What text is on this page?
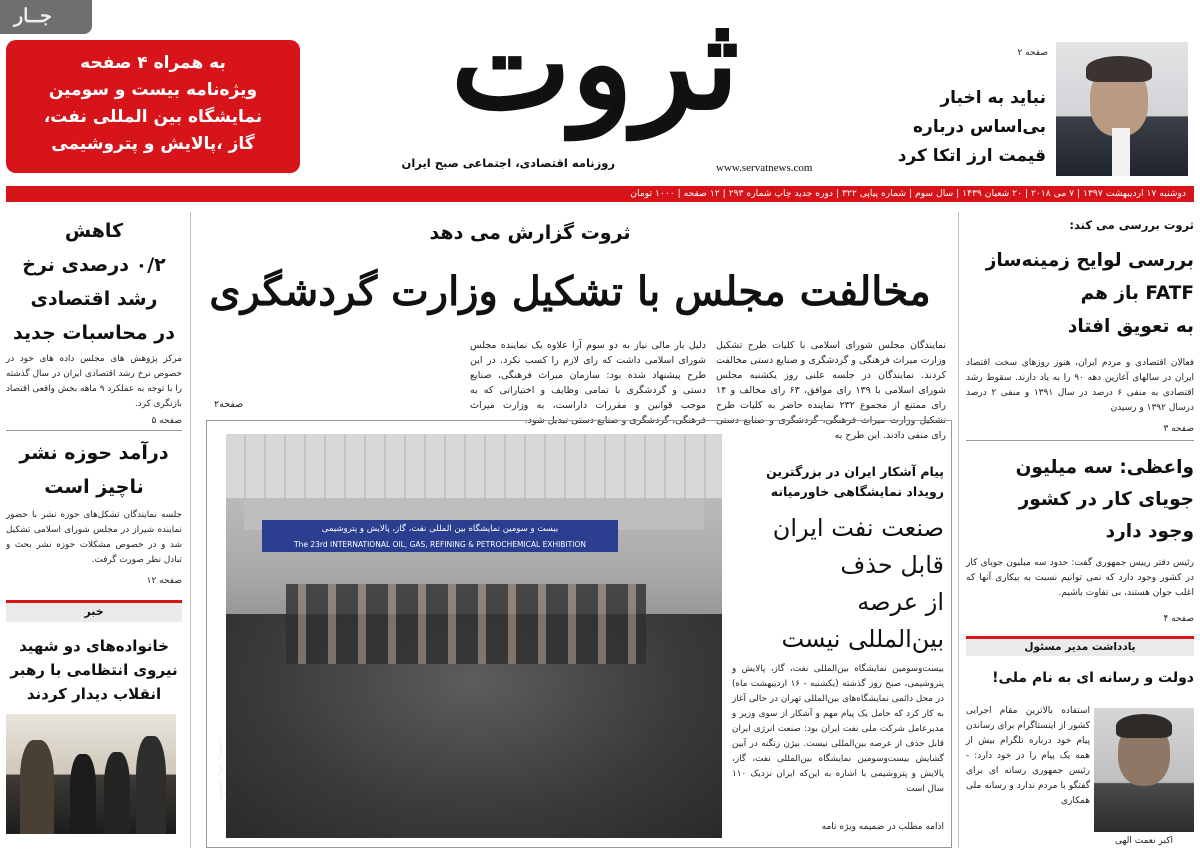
جــار
به همراه ۴ صفحه
ویژه‌نامه بیست و سومین
نمایشگاه بین المللی نفت،
گاز ،پالایش و پتروشیمی
ثروت
www.servatnews.com
روزنامه اقتصادی، اجتماعی صبح ایران
صفحه ۲
نباید به اخبار
بی‌اساس درباره
قیمت ارز اتکا کرد
دوشنبه ۱۷ اردیبهشت ۱۳۹۷ | ۷ می ۲۰۱۸ | ۲۰ شعبان ۱۴۳۹ | سال سوم | شماره پیاپی ۳۲۲ | دوره جدید چاپ شماره ۲۹۳ | ۱۲ صفحه | ۱۰۰۰ تومان
ثروت گزارش می دهد
مخالفت مجلس با تشکیل وزارت گردشگری
نمایندگان مجلس شورای اسلامی با کلیات طرح تشکیل وزارت میراث فرهنگی و گردشگری و صنایع دستی مخالفت کردند. نمایندگان در جلسه علنی روز یکشنبه مجلس شورای اسلامی با ۱۳۹ رای موافق، ۶۳ رای مخالف و ۱۴ رای ممتنع از مجموع ۲۳۲ نماینده حاضر به کلیات طرح تشکیل وزارت میراث فرهنگی، گردشگری و صنایع دستی رای منفی دادند. این طرح به
دلیل بار مالی نیاز به دو سوم آرا علاوه یک نماینده مجلس شورای اسلامی داشت که رای لازم را کسب نکرد. در این طرح پیشنهاد شده بود: سازمان میراث فرهنگی، صنایع دستی و گردشگری با تمامی وظایف و اختیاراتی که به موجب قوانین و مقررات داراست، به وزارت میراث فرهنگی، گردشگری و صنایع دستی تبدیل شود.
صفحه۲
بیست و سومین نمایشگاه بین المللی نفت، گاز، پالایش و پتروشیمی
The 23rd INTERNATIONAL OIL, GAS, REFINING & PETROCHEMICAL EXHIBITION
عکس: رضا رستمی
پیام آشکار ایران در بزرگترین
رویداد نمایشگاهی خاورمیانه
صنعت نفت ایران
قابل حذف
از عرصه
بین‌المللی نیست
بیست‌وسومین نمایشگاه بین‌المللی نفت، گاز، پالایش و پتروشیمی، صبح روز گذشته (یکشنبه - ۱۶ اردیبهشت ماه) در محل دائمی نمایشگاه‌های بین‌المللی تهران در حالی آغاز به کار کرد که حامل یک پیام مهم و آشکار از سوی وزیر و مدیرعامل شرکت ملی نفت ایران بود: صنعت انرژی ایران قابل حذف از عرصه بین‌المللی نیست. بیژن زنگنه در آیین گشایش بیست‌وسومین نمایشگاه بین‌المللی نفت، گاز، پالایش و پتروشیمی با اشاره به این‌که ایران نزدیک ۱۱۰ سال است
ادامه مطلب در ضمیمه ویژه نامه
ثروت بررسی می کند:
بررسی لوایح زمینه‌ساز
FATF باز هم
به تعویق افتاد
فعالان اقتصادی و مردم ایران، هنوز روزهای سخت اقتصاد ایران در سالهای آغازین دهه ۹۰ را به یاد دارند. سقوط رشد اقتصادی به منفی ۶ درصد در سال ۱۳۹۱ و منفی ۲ درصد درسال ۱۳۹۲ و رسیدن
صفحه ۳
واعظی: سه میلیون
جویای کار در کشور
وجود دارد
رئیس دفتر رییس جمهوری گفت: حدود سه میلیون جویای کار در کشور وجود دارد که نمی توانیم نسبت به بیکاری آنها که اغلب جوان هستند، بی تفاوت باشیم.
صفحه ۴
یادداشت مدیر مسئول
دولت و رسانه ای به نام ملی!
استفاده بالاترین مقام اجرایی کشور از اینستاگرام برای رساندن پیام خود درباره تلگرام بیش از همه یک پیام را در خود دارد: - رئیس جمهوری رسانه ای برای گفتگو با مردم ندارد و رسانه ملی همکاری
اکبر نعمت الهی
کاهش
۰/۲ درصدی نرخ
رشد اقتصادی
در محاسبات جدید
مرکز پژوهش های مجلس داده های خود در خصوص نرخ رشد اقتصادی ایران در سال گذشته را با توجه به عملکرد ۹ ماهه بخش واقعی اقتصاد بازنگری کرد.
صفحه ۵
درآمد حوزه نشر
ناچیز است
جلسه نمایندگان تشکل‌های حوزه نشر با حضور نماینده شیراز در مجلس شورای اسلامی تشکیل شد و در خصوص مشکلات حوزه نشر بحث و تبادل نظر صورت گرفت.
صفحه ۱۲
خبر
خانواده‌های دو شهید
نیروی انتظامی با رهبر
انقلاب دیدار کردند
